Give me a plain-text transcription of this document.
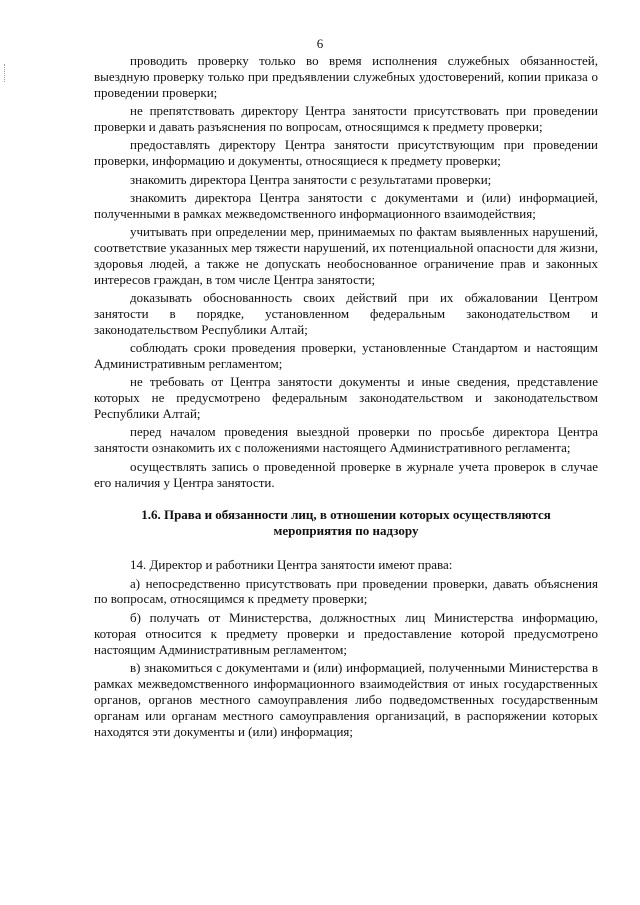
6

проводить проверку только во время исполнения служебных обязанностей, выездную проверку только при предъявлении служебных удостоверений, копии приказа о проведении проверки;

не препятствовать директору Центра занятости присутствовать при проведении проверки и давать разъяснения по вопросам, относящимся к предмету проверки;

предоставлять директору Центра занятости присутствующим при проведении проверки, информацию и документы, относящиеся к предмету проверки;

знакомить директора Центра занятости с результатами проверки;

знакомить директора Центра занятости с документами и (или) информацией, полученными в рамках межведомственного информационного взаимодействия;

учитывать при определении мер, принимаемых по фактам выявленных нарушений, соответствие указанных мер тяжести нарушений, их потенциальной опасности для жизни, здоровья людей, а также не допускать необоснованное ограничение прав и законных интересов граждан, в том числе Центра занятости;

доказывать обоснованность своих действий при их обжаловании Центром занятости в порядке, установленном федеральным законодательством и законодательством Республики Алтай;

соблюдать сроки проведения проверки, установленные Стандартом и настоящим Административным регламентом;

не требовать от Центра занятости документы и иные сведения, представление которых не предусмотрено федеральным законодательством и законодательством Республики Алтай;

перед началом проведения выездной проверки по просьбе директора Центра занятости ознакомить их с положениями настоящего Административного регламента;

осуществлять запись о проведенной проверке в журнале учета проверок в случае его наличия у Центра занятости.

1.6. Права и обязанности лиц, в отношении которых осуществляются мероприятия по надзору

14. Директор и работники Центра занятости имеют права:

а) непосредственно присутствовать при проведении проверки, давать объяснения по вопросам, относящимся к предмету проверки;

б) получать от Министерства, должностных лиц Министерства информацию, которая относится к предмету проверки и предоставление которой предусмотрено настоящим Административным регламентом;

в) знакомиться с документами и (или) информацией, полученными Министерства в рамках межведомственного информационного взаимодействия от иных государственных органов, органов местного самоуправления либо подведомственных государственным органам или органам местного самоуправления организаций, в распоряжении которых находятся эти документы и (или) информация;
